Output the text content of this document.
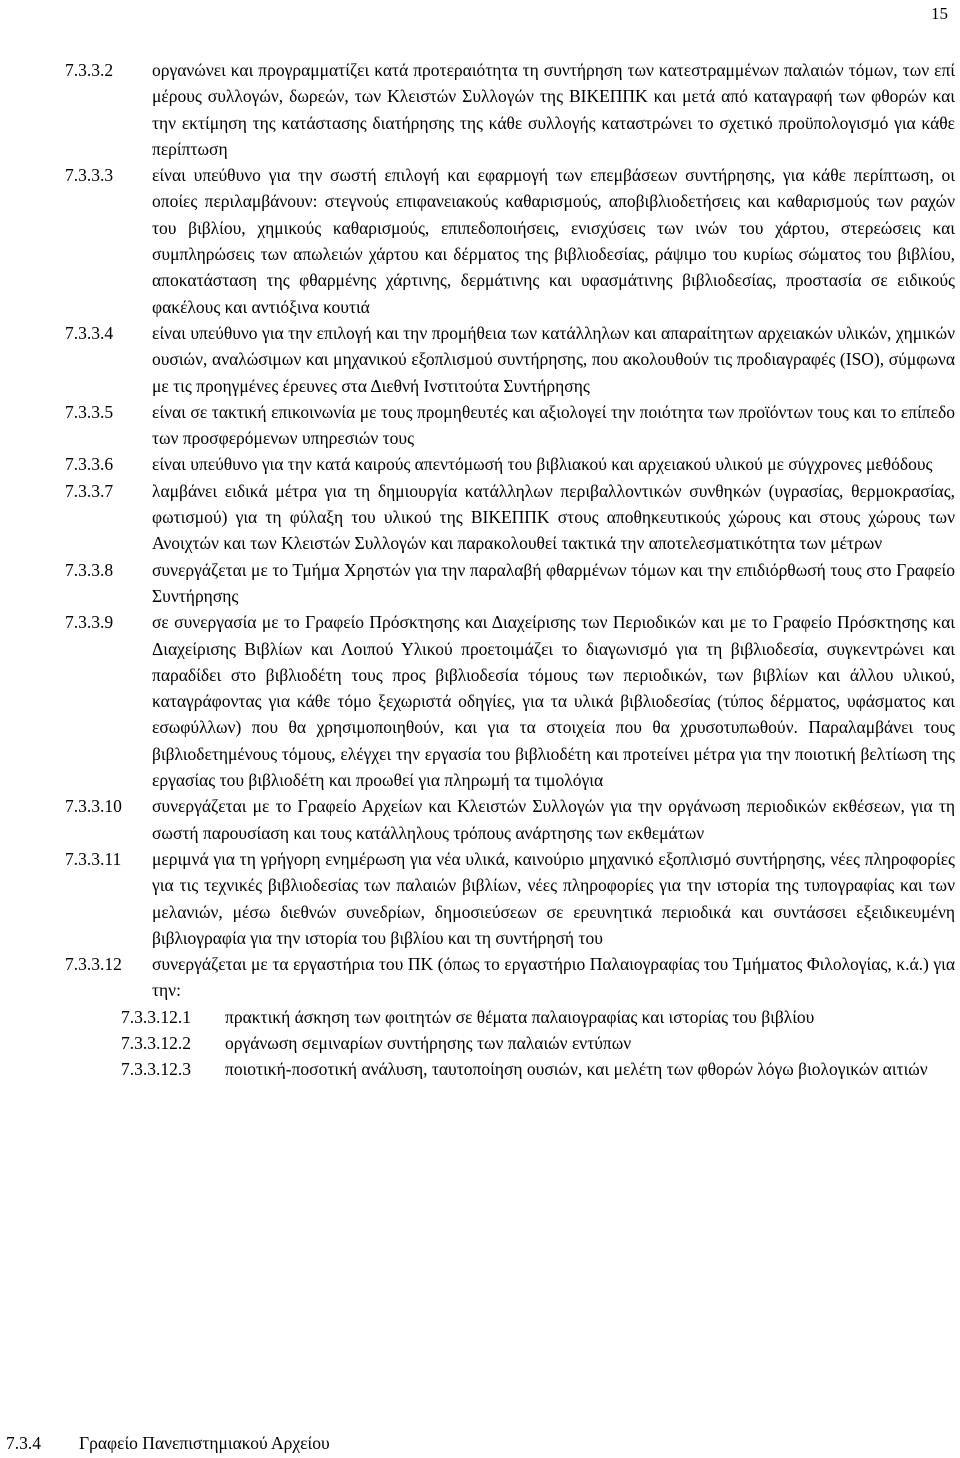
15
7.3.3.2	οργανώνει και προγραμματίζει κατά προτεραιότητα τη συντήρηση των κατεστραμμένων παλαιών τόμων, των επί μέρους συλλογών, δωρεών, των Κλειστών Συλλογών της ΒΙΚΕΠΠΚ και μετά από καταγραφή των φθορών και την εκτίμηση της κατάστασης διατήρησης της κάθε συλλογής καταστρώνει το σχετικό προϋπολογισμό για κάθε περίπτωση
7.3.3.3	είναι υπεύθυνο για την σωστή επιλογή και εφαρμογή των επεμβάσεων συντήρησης, για κάθε περίπτωση, οι οποίες περιλαμβάνουν: στεγνούς επιφανειακούς καθαρισμούς, αποβιβλιοδετήσεις και καθαρισμούς των ραχών του βιβλίου, χημικούς καθαρισμούς, επιπεδοποιήσεις, ενισχύσεις των ινών του χάρτου, στερεώσεις και συμπληρώσεις των απωλειών χάρτου και δέρματος της βιβλιοδεσίας, ράψιμο του κυρίως σώματος του βιβλίου, αποκατάσταση της φθαρμένης χάρτινης, δερμάτινης και υφασμάτινης βιβλιοδεσίας, προστασία σε ειδικούς φακέλους και αντιόξινα κουτιά
7.3.3.4	είναι υπεύθυνο για την επιλογή και την προμήθεια των κατάλληλων και απαραίτητων αρχειακών υλικών, χημικών ουσιών, αναλώσιμων και μηχανικού εξοπλισμού συντήρησης, που ακολουθούν τις προδιαγραφές (ISO), σύμφωνα με τις προηγμένες έρευνες στα Διεθνή Ινστιτούτα Συντήρησης
7.3.3.5	είναι σε τακτική επικοινωνία με τους προμηθευτές και αξιολογεί την ποιότητα των προϊόντων τους και το επίπεδο των προσφερόμενων υπηρεσιών τους
7.3.3.6	είναι υπεύθυνο για την κατά καιρούς απεντόμωσή του βιβλιακού και αρχειακού υλικού με σύγχρονες μεθόδους
7.3.3.7	λαμβάνει ειδικά μέτρα για τη δημιουργία κατάλληλων περιβαλλοντικών συνθηκών (υγρασίας, θερμοκρασίας, φωτισμού) για τη φύλαξη του υλικού της ΒΙΚΕΠΠΚ στους αποθηκευτικούς χώρους και στους χώρους των Ανοιχτών και των Κλειστών Συλλογών και παρακολουθεί τακτικά την αποτελεσματικότητα των μέτρων
7.3.3.8	συνεργάζεται με το Τμήμα Χρηστών για την παραλαβή φθαρμένων τόμων και την επιδιόρθωσή τους στο Γραφείο Συντήρησης
7.3.3.9	σε συνεργασία με το Γραφείο Πρόσκτησης και Διαχείρισης των Περιοδικών και με το Γραφείο Πρόσκτησης και Διαχείρισης Βιβλίων και Λοιπού Υλικού προετοιμάζει το διαγωνισμό για τη βιβλιοδεσία, συγκεντρώνει και παραδίδει στο βιβλιοδέτη τους προς βιβλιοδεσία τόμους των περιοδικών, των βιβλίων και άλλου υλικού, καταγράφοντας για κάθε τόμο ξεχωριστά οδηγίες, για τα υλικά βιβλιοδεσίας (τύπος δέρματος, υφάσματος και εσωφύλλων) που θα χρησιμοποιηθούν, και για τα στοιχεία που θα χρυσοτυπωθούν. Παραλαμβάνει τους βιβλιοδετημένους τόμους, ελέγχει την εργασία του βιβλιοδέτη και προτείνει μέτρα για την ποιοτική βελτίωση της εργασίας του βιβλιοδέτη και προωθεί για πληρωμή τα τιμολόγια
7.3.3.10	συνεργάζεται με το Γραφείο Αρχείων και Κλειστών Συλλογών για την οργάνωση περιοδικών εκθέσεων, για τη σωστή παρουσίαση και τους κατάλληλους τρόπους ανάρτησης των εκθεμάτων
7.3.3.11	μεριμνά για τη γρήγορη ενημέρωση για νέα υλικά, καινούριο μηχανικό εξοπλισμό συντήρησης, νέες πληροφορίες για τις τεχνικές βιβλιοδεσίας των παλαιών βιβλίων, νέες πληροφορίες για την ιστορία της τυπογραφίας και των μελανιών, μέσω διεθνών συνεδρίων, δημοσιεύσεων σε ερευνητικά περιοδικά και συντάσσει εξειδικευμένη βιβλιογραφία για την ιστορία του βιβλίου και τη συντήρησή του
7.3.3.12	συνεργάζεται με τα εργαστήρια του ΠΚ (όπως το εργαστήριο Παλαιογραφίας του Τμήματος Φιλολογίας, κ.ά.) για την:
7.3.3.12.1	πρακτική άσκηση των φοιτητών σε θέματα παλαιογραφίας και ιστορίας του βιβλίου
7.3.3.12.2	οργάνωση σεμιναρίων συντήρησης των παλαιών εντύπων
7.3.3.12.3	ποιοτική-ποσοτική ανάλυση, ταυτοποίηση ουσιών, και μελέτη των φθορών λόγω βιολογικών αιτιών
7.3.4 Γραφείο Πανεπιστημιακού Αρχείου
